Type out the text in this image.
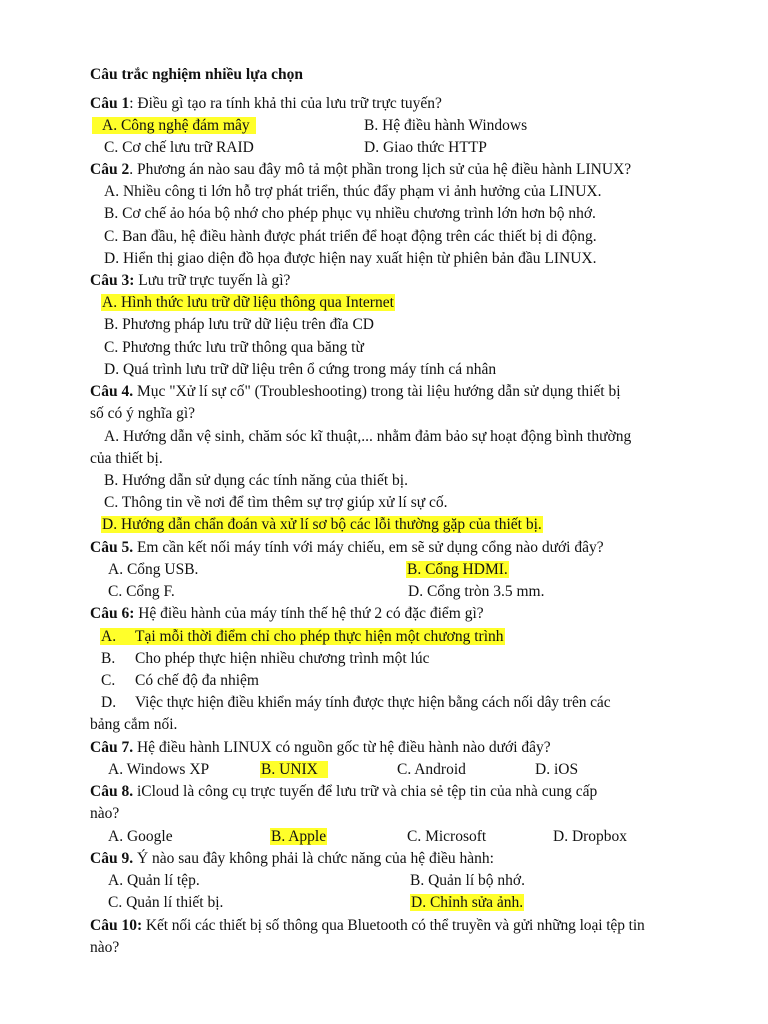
Câu trắc nghiệm nhiều lựa chọn
Câu 1: Điều gì tạo ra tính khả thi của lưu trữ trực tuyến?
A. Công nghệ đám mây	B. Hệ điều hành Windows
C. Cơ chế lưu trữ RAID	D. Giao thức HTTP
Câu 2. Phương án nào sau đây mô tả một phần trong lịch sử của hệ điều hành LINUX?
A. Nhiều công ti lớn hỗ trợ phát triển, thúc đẩy phạm vi ảnh hưởng của LINUX.
B. Cơ chế ảo hóa bộ nhớ cho phép phục vụ nhiều chương trình lớn hơn bộ nhớ.
C. Ban đầu, hệ điều hành được phát triển để hoạt động trên các thiết bị di động.
D. Hiển thị giao diện đồ họa được hiện nay xuất hiện từ phiên bản đầu LINUX.
Câu 3: Lưu trữ trực tuyến là gì?
A. Hình thức lưu trữ dữ liệu thông qua Internet
B. Phương pháp lưu trữ dữ liệu trên đĩa CD
C. Phương thức lưu trữ thông qua băng từ
D. Quá trình lưu trữ dữ liệu trên ổ cứng trong máy tính cá nhân
Câu 4. Mục "Xử lí sự cố" (Troubleshooting) trong tài liệu hướng dẫn sử dụng thiết bị
số có ý nghĩa gì?
A. Hướng dẫn vệ sinh, chăm sóc kĩ thuật,... nhằm đảm bảo sự hoạt động bình thường
của thiết bị.
B. Hướng dẫn sử dụng các tính năng của thiết bị.
C. Thông tin về nơi để tìm thêm sự trợ giúp xử lí sự cố.
D. Hướng dẫn chẩn đoán và xử lí sơ bộ các lỗi thường gặp của thiết bị.
Câu 5. Em cần kết nối máy tính với máy chiếu, em sẽ sử dụng cổng nào dưới đây?
A. Cổng USB.	B. Cổng HDMI.
C. Cổng F.	D. Cổng tròn 3.5 mm.
Câu 6: Hệ điều hành của máy tính thế hệ thứ 2 có đặc điểm gì?
A. Tại mỗi thời điểm chỉ cho phép thực hiện một chương trình
B. Cho phép thực hiện nhiều chương trình một lúc
C. Có chế độ đa nhiệm
D. Việc thực hiện điều khiển máy tính được thực hiện bằng cách nối dây trên các
bảng cắm nối.
Câu 7. Hệ điều hành LINUX có nguồn gốc từ hệ điều hành nào dưới đây?
A. Windows XP	B. UNIX	C. Android	D. iOS
Câu 8. iCloud là công cụ trực tuyến để lưu trữ và chia sẻ tệp tin của nhà cung cấp
nào?
A. Google	B. Apple	C. Microsoft	D. Dropbox
Câu 9. Ý nào sau đây không phải là chức năng của hệ điều hành:
A. Quản lí tệp.	B. Quản lí bộ nhớ.
C. Quản lí thiết bị.	D. Chỉnh sửa ảnh.
Câu 10: Kết nối các thiết bị số thông qua Bluetooth có thể truyền và gửi những loại tệp tin
nào?
